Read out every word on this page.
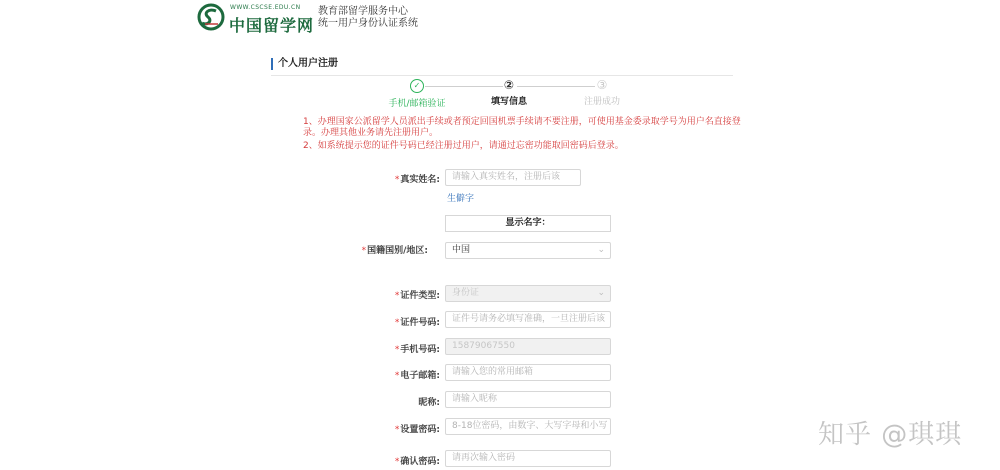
WWW.CSCSE.EDU.CN
中国留学网
教育部留学服务中心
统一用户身份认证系统
个人用户注册
✓
手机/邮箱验证
②
填写信息
③
注册成功

1、办理国家公派留学人员派出手续或者预定回国机票手续请不要注册，可使用基金委录取学号为用户名直接登录。办理其他业务请先注册用户。

2、如系统提示您的证件号码已经注册过用户，请通过忘密功能取回密码后登录。

*真实姓名:	请输入真实姓名，注册后该
生僻字
显示名字：
*国籍国别/地区:	中国	⌄
*证件类型:	身份证	⌄
*证件号码:	证件号请务必填写准确，一旦注册后该
*手机号码:	15879067550
*电子邮箱:	请输入您的常用邮箱
昵称:	请输入昵称
*设置密码:	8-18位密码，由数字、大写字母和小写
*确认密码:	请再次输入密码
知乎 @琪琪
